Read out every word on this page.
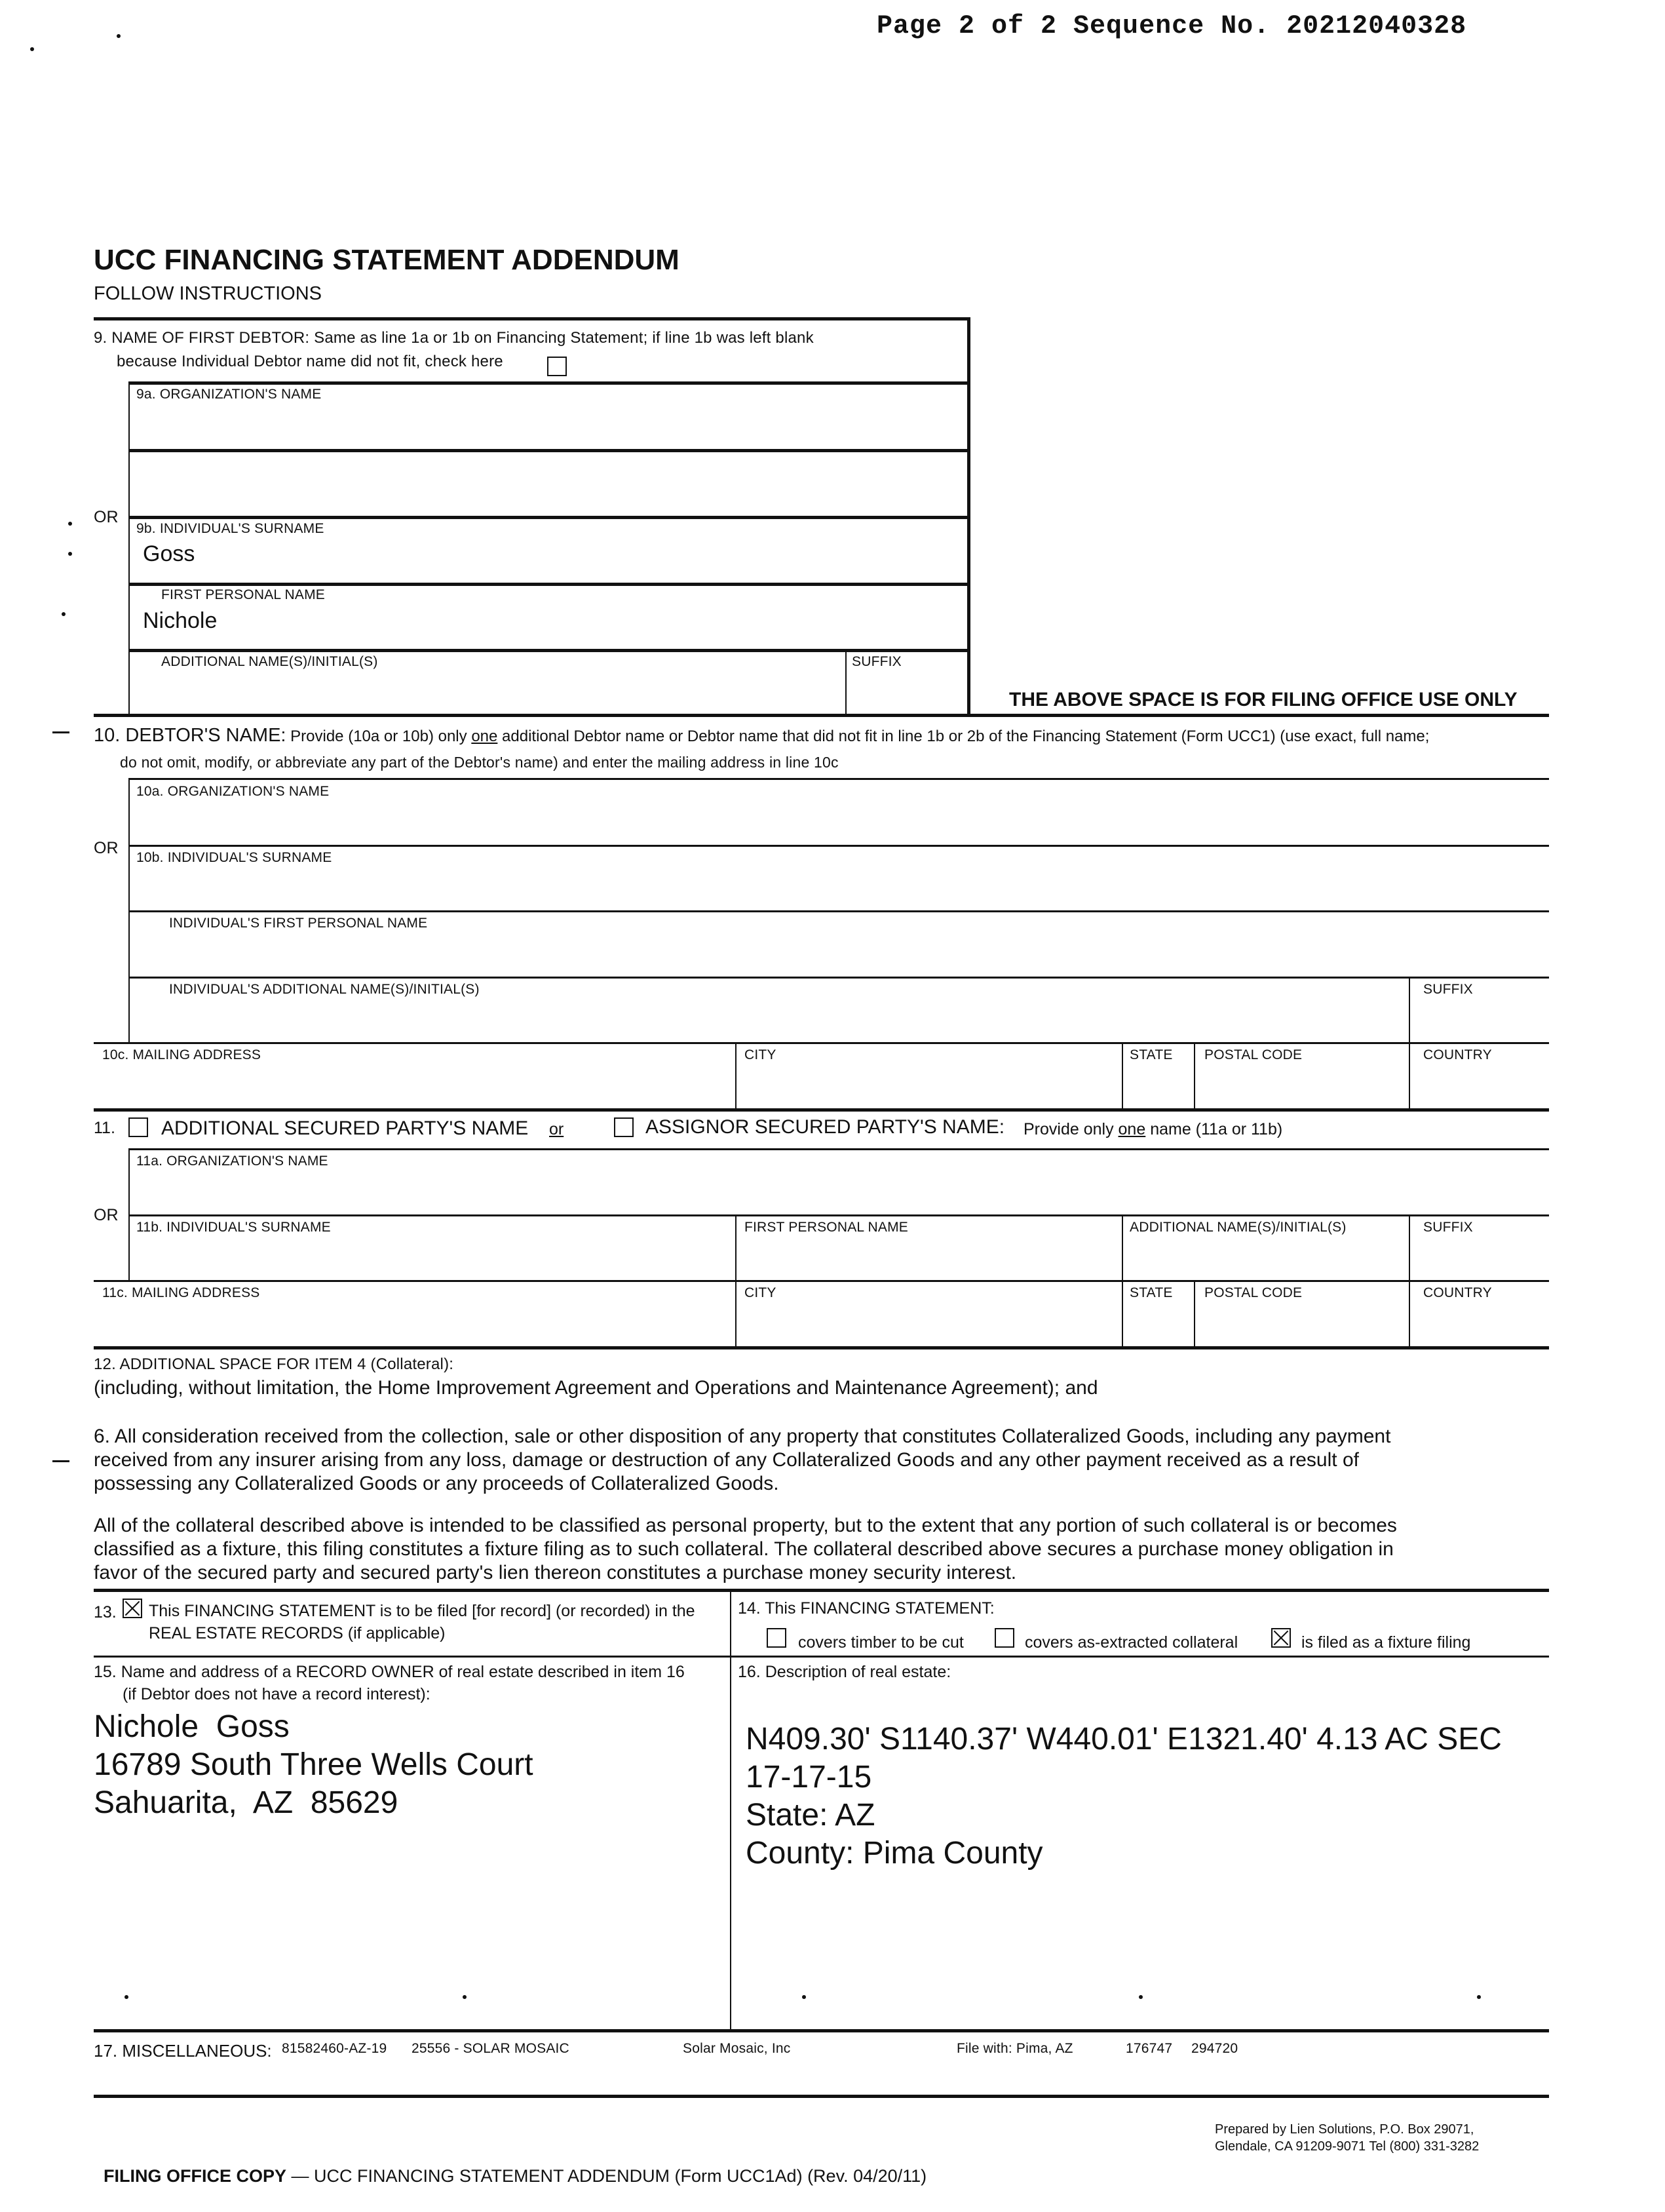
Page 2 of 2 Sequence No. 20212040328
UCC FINANCING STATEMENT ADDENDUM
FOLLOW INSTRUCTIONS
9. NAME OF FIRST DEBTOR: Same as line 1a or 1b on Financing Statement; if line 1b was left blank
because Individual Debtor name did not fit, check here
9a. ORGANIZATION'S NAME
OR
9b. INDIVIDUAL'S SURNAME
Goss
FIRST PERSONAL NAME
Nichole
ADDITIONAL NAME(S)/INITIAL(S)	SUFFIX
THE ABOVE SPACE IS FOR FILING OFFICE USE ONLY
10. DEBTOR'S NAME: Provide (10a or 10b) only one additional Debtor name or Debtor name that did not fit in line 1b or 2b of the Financing Statement (Form UCC1) (use exact, full name;
do not omit, modify, or abbreviate any part of the Debtor's name) and enter the mailing address in line 10c
10a. ORGANIZATION'S NAME
OR
10b. INDIVIDUAL'S SURNAME
INDIVIDUAL'S FIRST PERSONAL NAME
INDIVIDUAL'S ADDITIONAL NAME(S)/INITIAL(S)	SUFFIX
10c. MAILING ADDRESS	CITY	STATE POSTAL CODE	COUNTRY
11. ADDITIONAL SECURED PARTY'S NAME or	ASSIGNOR SECURED PARTY'S NAME: Provide only one name (11a or 11b)
11a. ORGANIZATION'S NAME
OR
11b. INDIVIDUAL'S SURNAME	FIRST PERSONAL NAME	ADDITIONAL NAME(S)/INITIAL(S)	SUFFIX
11c. MAILING ADDRESS	CITY	STATE POSTAL CODE	COUNTRY
12. ADDITIONAL SPACE FOR ITEM 4 (Collateral):
(including, without limitation, the Home Improvement Agreement and Operations and Maintenance Agreement); and
6. All consideration received from the collection, sale or other disposition of any property that constitutes Collateralized Goods, including any payment
received from any insurer arising from any loss, damage or destruction of any Collateralized Goods and any other payment received as a result of
possessing any Collateralized Goods or any proceeds of Collateralized Goods.
All of the collateral described above is intended to be classified as personal property, but to the extent that any portion of such collateral is or becomes
classified as a fixture, this filing constitutes a fixture filing as to such collateral. The collateral described above secures a purchase money obligation in
favor of the secured party and secured party's lien thereon constitutes a purchase money security interest.
13. This FINANCING STATEMENT is to be filed [for record] (or recorded) in the
REAL ESTATE RECORDS (if applicable)
14. This FINANCING STATEMENT:
covers timber to be cut	covers as-extracted collateral	is filed as a fixture filing
15. Name and address of a RECORD OWNER of real estate described in item 16
(if Debtor does not have a record interest):
Nichole  Goss
16789 South Three Wells Court
Sahuarita,  AZ  85629
16. Description of real estate:
N409.30' S1140.37' W440.01' E1321.40' 4.13 AC SEC
17-17-15
State: AZ
County: Pima County
17. MISCELLANEOUS: 81582460-AZ-19 25556 - SOLAR MOSAIC	Solar Mosaic, Inc	File with: Pima, AZ	176747 294720

FILING OFFICE COPY — UCC FINANCING STATEMENT ADDENDUM (Form UCC1Ad) (Rev. 04/20/11)

Prepared by Lien Solutions, P.O. Box 29071,
Glendale, CA 91209-9071 Tel (800) 331-3282
